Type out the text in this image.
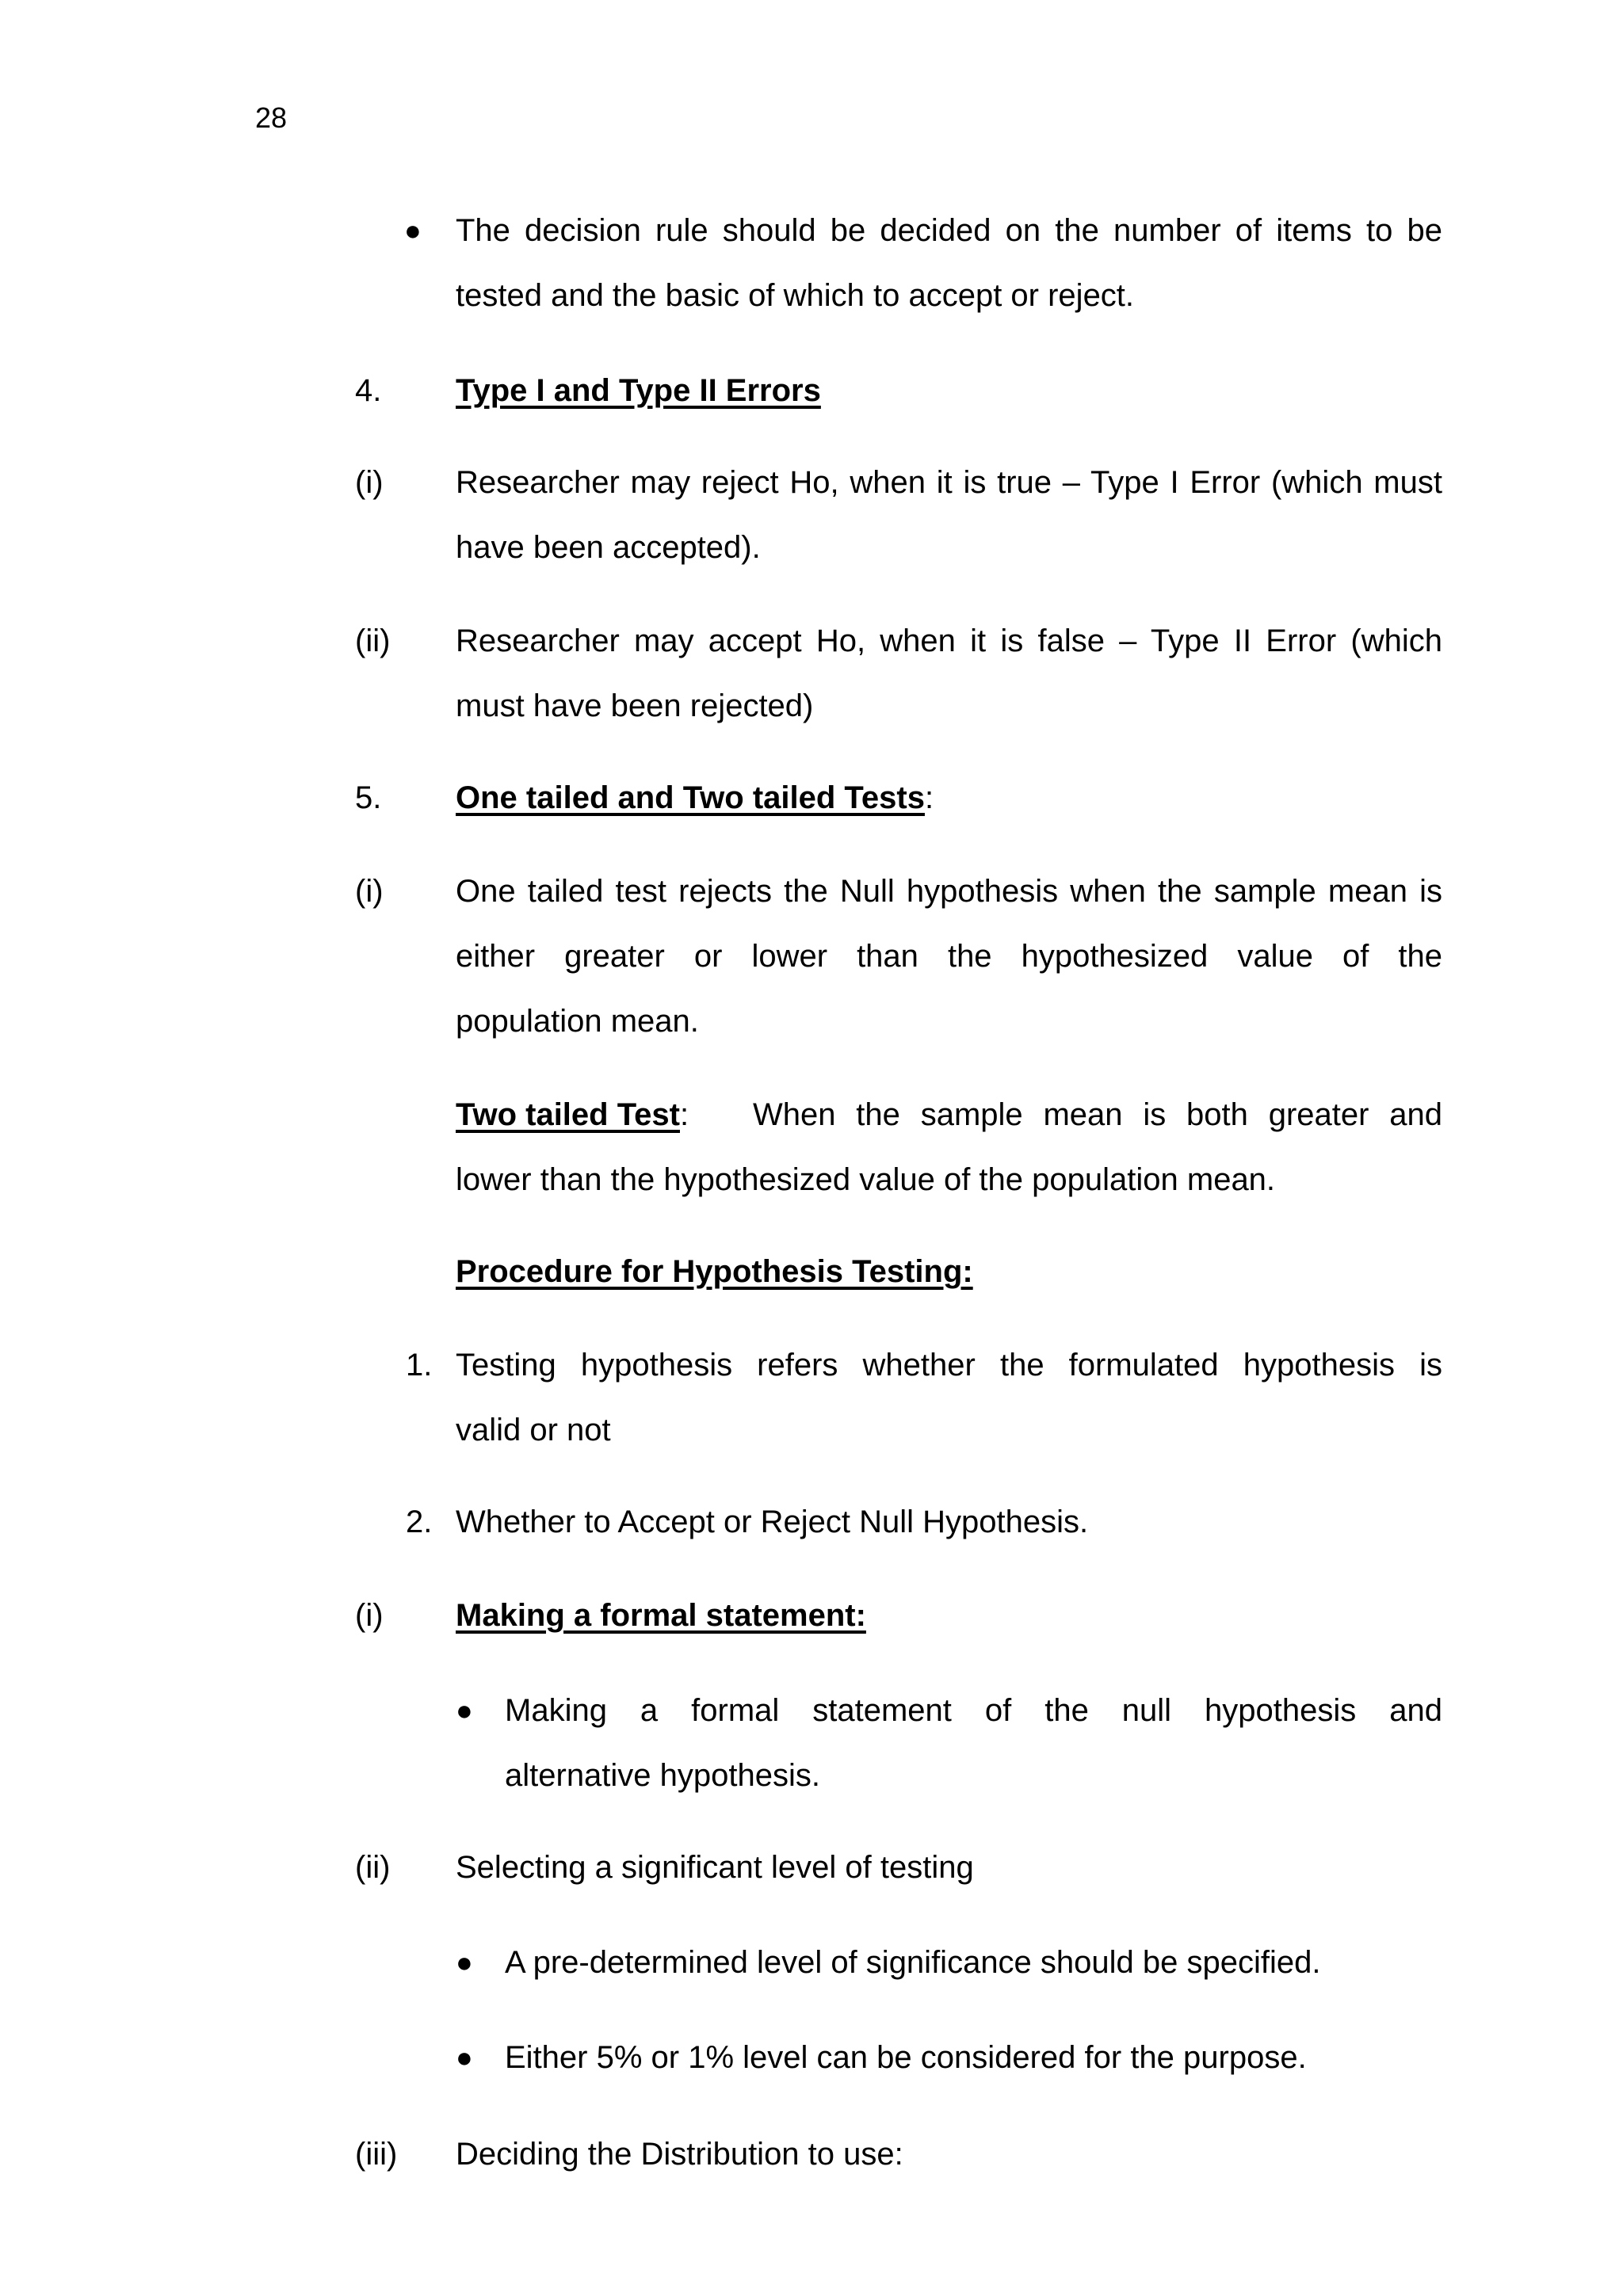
28
● The decision rule should be decided on the number of items to be
tested and the basic of which to accept or reject.
4. Type I and Type II Errors
(i) Researcher may reject Ho, when it is true – Type I Error (which must
have been accepted).
(ii) Researcher may accept Ho, when it is false – Type II Error (which
must have been rejected)
5. One tailed and Two tailed Tests:
(i) One tailed test rejects the Null hypothesis when the sample mean is
either greater or lower than the hypothesized value of the
population mean.
Two tailed Test: When the sample mean is both greater and
lower than the hypothesized value of the population mean.
Procedure for Hypothesis Testing:
1. Testing hypothesis refers whether the formulated hypothesis is
valid or not
2. Whether to Accept or Reject Null Hypothesis.
(i) Making a formal statement:
● Making a formal statement of the null hypothesis and
alternative hypothesis.
(ii) Selecting a significant level of testing
● A pre-determined level of significance should be specified.
● Either 5% or 1% level can be considered for the purpose.
(iii) Deciding the Distribution to use:
